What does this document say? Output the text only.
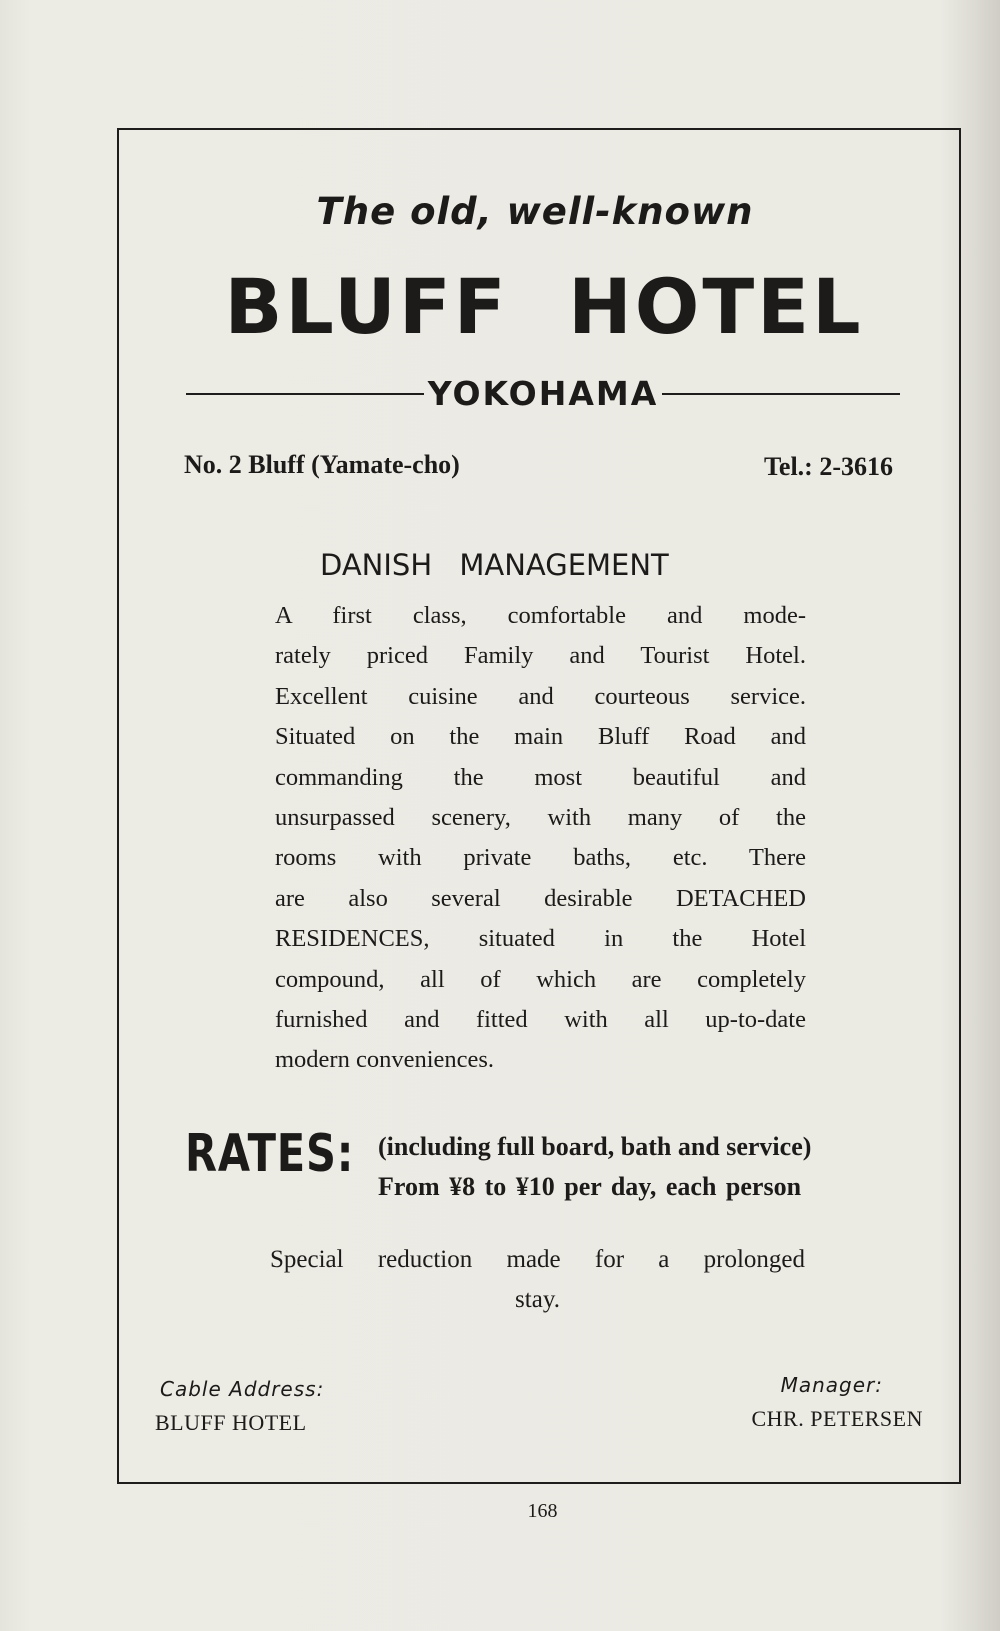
The old, well-known
BLUFF HOTEL
YOKOHAMA
No. 2 Bluff (Yamate-cho)	Tel.: 2-3616
DANISH MANAGEMENT
A first class, comfortable and mode-
rately priced Family and Tourist Hotel.
Excellent cuisine and courteous service.
Situated on the main Bluff Road and
commanding the most beautiful and
unsurpassed scenery, with many of the
rooms with private baths, etc. There
are also several desirable DETACHED
RESIDENCES, situated in the Hotel
compound, all of which are completely
furnished and fitted with all up-to-date
modern conveniences.
RATES: (including full board, bath and service)
From ¥8 to ¥10 per day, each person
Special reduction made for a prolonged
stay.
Cable Address:
BLUFF HOTEL
Manager:
CHR. PETERSEN
168
